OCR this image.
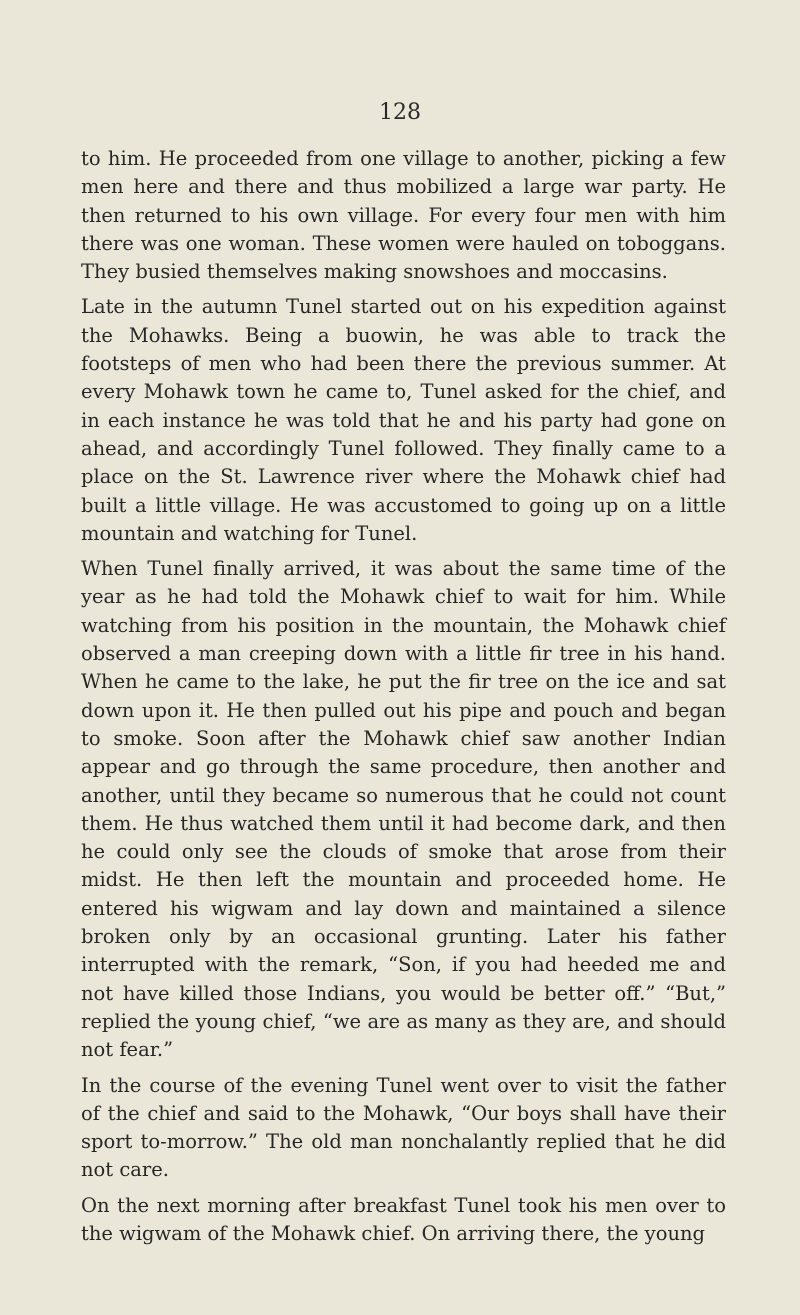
128

to him. He proceeded from one village to another, picking a few men here and there and thus mobilized a large war party. He then returned to his own village. For every four men with him there was one woman. These women were hauled on toboggans. They busied themselves making snowshoes and moccasins.

Late in the autumn Tunel started out on his expedition against the Mohawks. Being a buowin, he was able to track the footsteps of men who had been there the previous summer. At every Mohawk town he came to, Tunel asked for the chief, and in each instance he was told that he and his party had gone on ahead, and accordingly Tunel followed. They finally came to a place on the St. Lawrence river where the Mohawk chief had built a little village. He was accustomed to going up on a little mountain and watching for Tunel.

When Tunel finally arrived, it was about the same time of the year as he had told the Mohawk chief to wait for him. While watching from his position in the mountain, the Mohawk chief observed a man creeping down with a little fir tree in his hand. When he came to the lake, he put the fir tree on the ice and sat down upon it. He then pulled out his pipe and pouch and began to smoke. Soon after the Mohawk chief saw another Indian appear and go through the same procedure, then another and another, until they became so numerous that he could not count them. He thus watched them until it had become dark, and then he could only see the clouds of smoke that arose from their midst. He then left the mountain and proceeded home. He entered his wigwam and lay down and maintained a silence broken only by an occasional grunting. Later his father interrupted with the remark, “Son, if you had heeded me and not have killed those Indians, you would be better off.” “But,” replied the young chief, “we are as many as they are, and should not fear.”

In the course of the evening Tunel went over to visit the father of the chief and said to the Mohawk, “Our boys shall have their sport to-morrow.” The old man nonchalantly replied that he did not care.

On the next morning after breakfast Tunel took his men over to the wigwam of the Mohawk chief. On arriving there, the young
